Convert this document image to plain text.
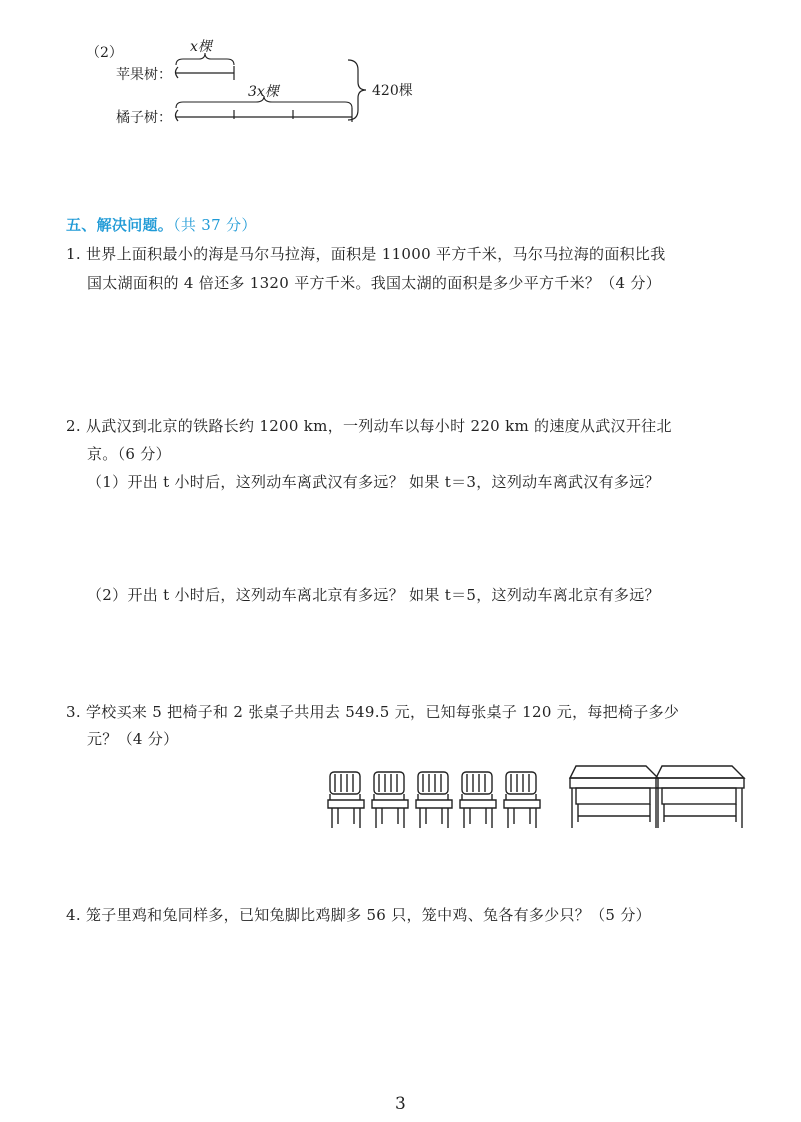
（2）
苹果树：
橘子树：
x棵
3x棵	420棵
五、解决问题。（共 37 分）
1. 世界上面积最小的海是马尔马拉海，面积是 11000 平方千米，马尔马拉海的面积比我
国太湖面积的 4 倍还多 1320 平方千米。我国太湖的面积是多少平方千米？（4 分）
2. 从武汉到北京的铁路长约 1200 km，一列动车以每小时 220 km 的速度从武汉开往北
京。（6 分）
（1）开出 t 小时后，这列动车离武汉有多远？ 如果 t＝3，这列动车离武汉有多远？
（2）开出 t 小时后，这列动车离北京有多远？ 如果 t＝5，这列动车离北京有多远？
3. 学校买来 5 把椅子和 2 张桌子共用去 549.5 元，已知每张桌子 120 元，每把椅子多少
元？（4 分）
4. 笼子里鸡和兔同样多，已知兔脚比鸡脚多 56 只，笼中鸡、兔各有多少只？（5 分）
3
